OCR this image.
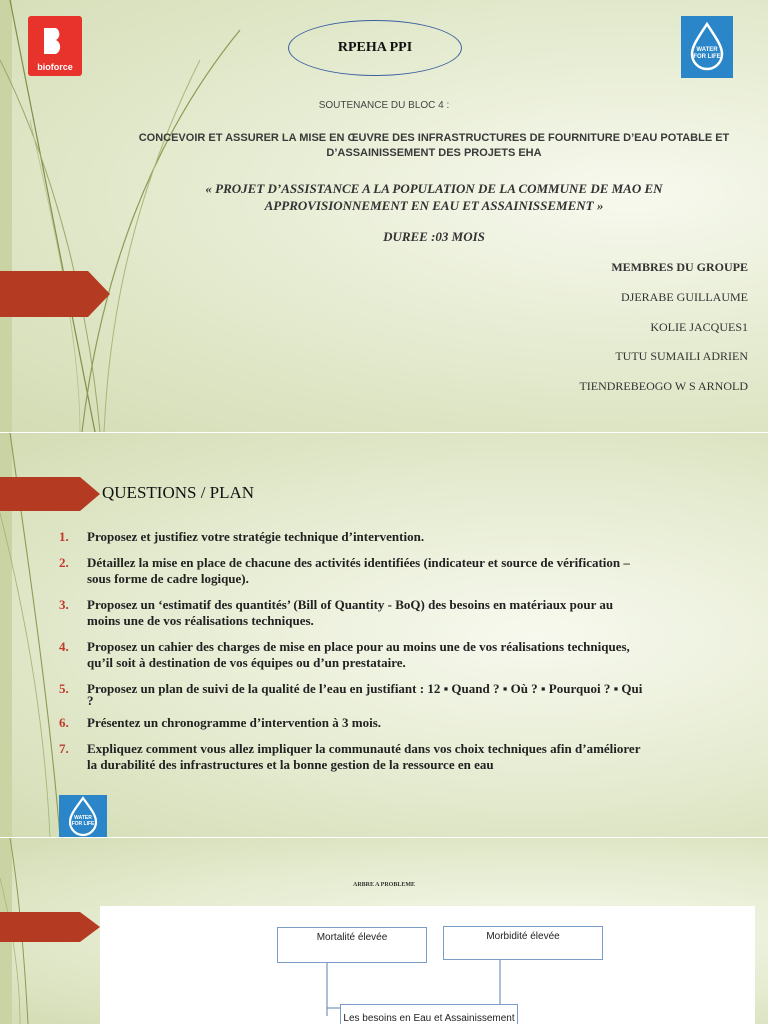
bioforce
WATER
FOR LIFE
RPEHA PPI
SOUTENANCE DU BLOC 4 :
CONCEVOIR ET ASSURER LA MISE EN ŒUVRE DES INFRASTRUCTURES DE FOURNITURE D’EAU POTABLE ET
D’ASSAINISSEMENT DES PROJETS EHA
« PROJET D’ASSISTANCE A LA POPULATION DE LA COMMUNE DE MAO EN
APPROVISIONNEMENT EN EAU ET ASSAINISSEMENT »
DUREE :03 MOIS
MEMBRES DU GROUPE
DJERABE GUILLAUME
KOLIE JACQUES1
TUTU SUMAILI ADRIEN
TIENDREBEOGO W S ARNOLD
QUESTIONS / PLAN
1. Proposez et justifiez votre stratégie technique d’intervention.
2. Détaillez la mise en place de chacune des activités identifiées (indicateur et source de vérification –
sous forme de cadre logique).
3. Proposez un ‘estimatif des quantités’ (Bill of Quantity - BoQ) des besoins en matériaux pour au
moins une de vos réalisations techniques.
4. Proposez un cahier des charges de mise en place pour au moins une de vos réalisations techniques,
qu’il soit à destination de vos équipes ou d’un prestataire.
5. Proposez un plan de suivi de la qualité de l’eau en justifiant : 12 ▪ Quand ? ▪ Où ? ▪ Pourquoi ? ▪ Qui
?
6. Présentez un chronogramme d’intervention à 3 mois.
7. Expliquez comment vous allez impliquer la communauté dans vos choix techniques afin d’améliorer
la durabilité des infrastructures et la bonne gestion de la ressource en eau
WATER
FOR LIFE
ARBRE A PROBLEME
Mortalité élevée	Morbidité élevée
Les besoins en Eau et Assainissement
